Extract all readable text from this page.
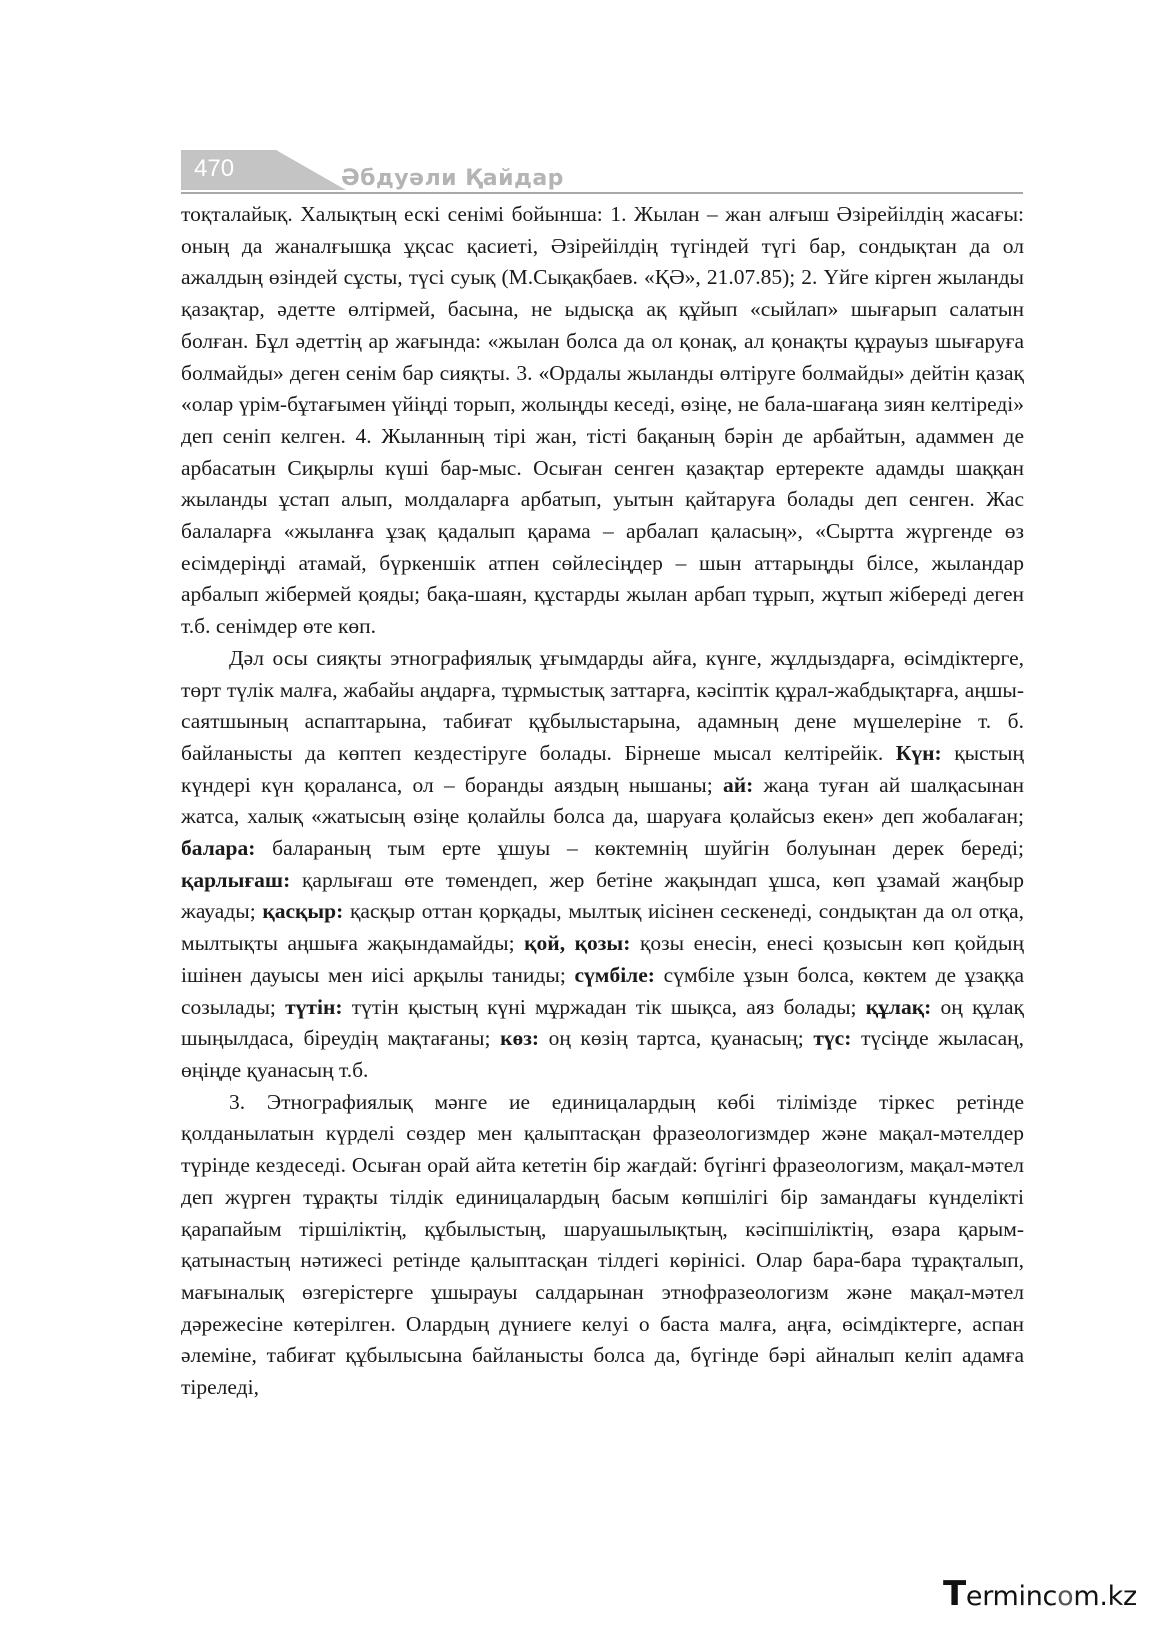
470	Әбдуәли Қайдар

тоқталайық. Халықтың ескі сенімі бойынша: 1. Жылан – жан алғыш Әзірейілдің жасағы: оның да жаналғышқа ұқсас қасиеті, Әзірейілдің түгіндей түгі бар, сондықтан да ол ажалдың өзіндей сұсты, түсі суық (М.Сықақбаев. «ҚӘ», 21.07.85); 2. Үйге кірген жыланды қазақтар, әдетте өлтірмей, басына, не ыдысқа ақ құйып «сыйлап» шығарып салатын болған. Бұл әдеттің ар жағында: «жылан болса да ол қонақ, ал қонақты құрауыз шығаруға болмайды» деген сенім бар сияқты. 3. «Ордалы жыланды өлтіруге болмайды» дейтін қазақ «олар үрім-бұтағымен үйіңді торып, жолыңды кеседі, өзіңе, не бала-шағаңа зиян келтіреді» деп сеніп келген. 4. Жыланның тірі жан, тісті бақаның бәрін де арбайтын, адаммен де арбасатын Сиқырлы күші бар-мыс. Осыған сенген қазақтар ертеректе адамды шаққан жыланды ұстап алып, молдаларға арбатып, уытын қайтаруға болады деп сенген. Жас балаларға «жыланға ұзақ қадалып қарама – арбалап қаласың», «Сыртта жүргенде өз есімдеріңді атамай, бүркеншік атпен сөйлесіңдер – шын аттарыңды білсе, жыландар арбалып жібермей қояды; бақа-шаян, құстарды жылан арбап тұрып, жұтып жібереді деген т.б. сенімдер өте көп.

Дәл осы сияқты этнографиялық ұғымдарды айға, күнге, жұлдыздарға, өсімдіктерге, төрт түлік малға, жабайы аңдарға, тұрмыстық заттарға, кәсіптік құрал-жабдықтарға, аңшы-саятшының аспаптарына, табиғат құбылыстарына, адамның дене мүшелеріне т. б. байланысты да көптеп кездестіруге болады. Бірнеше мысал келтірейік. Күн: қыстың күндері күн қораланса, ол – боранды аяздың нышаны; ай: жаңа туған ай шалқасынан жатса, халық «жатысың өзіңе қолайлы болса да, шаруаға қолайсыз екен» деп жобалаған; балара: балараның тым ерте ұшуы – көктемнің шуйгін болуынан дерек береді; қарлығаш: қарлығаш өте төмендеп, жер бетіне жақындап ұшса, көп ұзамай жаңбыр жауады; қасқыр: қасқыр оттан қорқады, мылтық иісінен сескенеді, сондықтан да ол отқа, мылтықты аңшыға жақындамайды; қой, қозы: қозы енесін, енесі қозысын көп қойдың ішінен дауысы мен иісі арқылы таниды; сүмбіле: сүмбіле ұзын болса, көктем де ұзаққа созылады; түтін: түтін қыстың күні мұржадан тік шықса, аяз болады; құлақ: оң құлақ шыңылдаса, біреудің мақтағаны; көз: оң көзің тартса, қуанасың; түс: түсіңде жыласаң, өңіңде қуанасың т.б.

3. Этнографиялық мәнге ие единицалардың көбі тілімізде тіркес ретінде қолданылатын күрделі сөздер мен қалыптасқан фразеологизмдер және мақал-мәтелдер түрінде кездеседі. Осыған орай айта кететін бір жағдай: бүгінгі фразеологизм, мақал-мәтел деп жүрген тұрақты тілдік единицалардың басым көпшілігі бір замандағы күнделікті қарапайым тіршіліктің, құбылыстың, шаруашылықтың, кәсіпшіліктің, өзара қарым-қатынастың нәтижесі ретінде қалыптасқан тілдегі көрінісі. Олар бара-бара тұрақталып, мағыналық өзгерістерге ұшырауы салдарынан этнофразеологизм және мақал-мәтел дәрежесіне көтерілген. Олардың дүниеге келуі о баста малға, аңға, өсімдіктерге, аспан әлеміне, табиғат құбылысына байланысты болса да, бүгінде бәрі айналып келіп адамға тіреледі,

Termincom.kz
